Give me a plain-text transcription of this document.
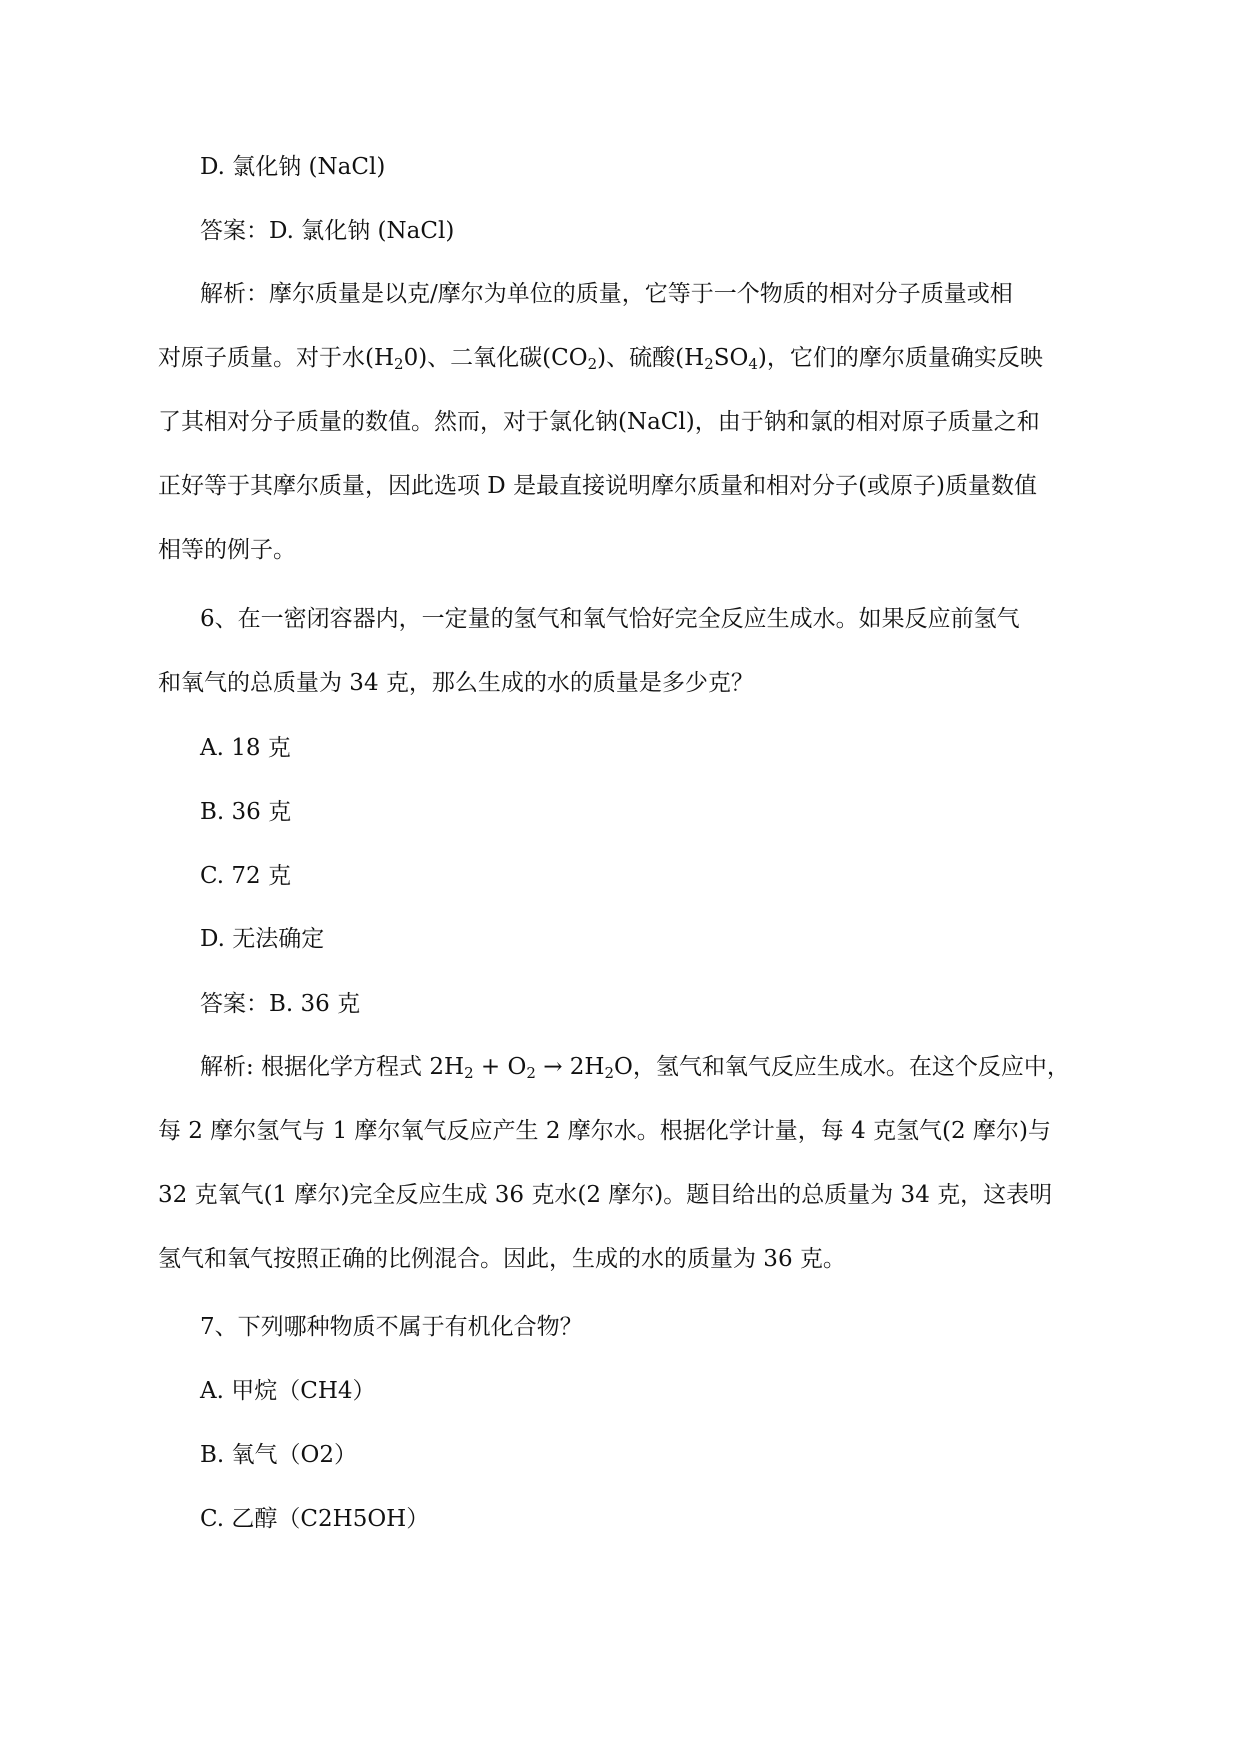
D. 氯化钠 (NaCl)

答案：D. 氯化钠 (NaCl)

解析：摩尔质量是以克/摩尔为单位的质量，它等于一个物质的相对分子质量或相
对原子质量。对于水$(H_20)$、二氧化碳$(CO_2)$、硫酸$(H_2SO_4)$，它们的摩尔质量确实反映
了其相对分子质量的数值。然而，对于氯化钠(NaCl)，由于钠和氯的相对原子质量之和
正好等于其摩尔质量，因此选项 D 是最直接说明摩尔质量和相对分子(或原子)质量数值
相等的例子。
6、在一密闭容器内，一定量的氢气和氧气恰好完全反应生成水。如果反应前氢气
和氧气的总质量为 34 克，那么生成的水的质量是多少克？

A. 18 克

B. 36 克

C. 72 克

D. 无法确定

答案：B. 36 克

解析: 根据化学方程式 $2H_2 + O_2 \to 2H_2O$，氢气和氧气反应生成水。在这个反应中，
每 2 摩尔氢气与 1 摩尔氧气反应产生 2 摩尔水。根据化学计量，每 4 克氢气(2 摩尔)与
32 克氧气(1 摩尔)完全反应生成 36 克水(2 摩尔)。题目给出的总质量为 34 克，这表明
氢气和氧气按照正确的比例混合。因此，生成的水的质量为 36 克。

7、下列哪种物质不属于有机化合物？

A. 甲烷（CH4）

B. 氧气（O2）

C. 乙醇（C2H5OH）
